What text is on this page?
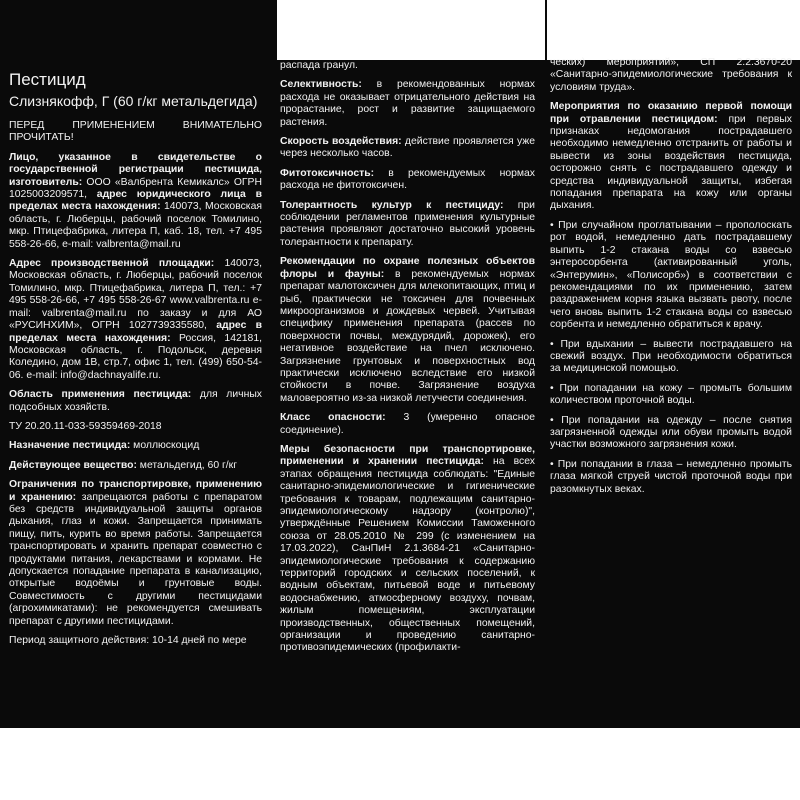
Пестицид
Слизнякофф, Г (60 г/кг метальдегида)

ПЕРЕД ПРИМЕНЕНИЕМ ВНИМАТЕЛЬНО ПРОЧИТАТЬ!

Лицо, указанное в свидетельстве о государственной регистрации пестицида, изготовитель: ООО «Валбрента Кемикалс» ОГРН 1025003209571, адрес юридического лица в пределах места нахождения: 140073, Московская область, г. Люберцы, рабочий поселок Томилино, мкр. Птицефабрика, литера П, каб. 18, тел. +7 495 558-26-66, e-mail: valbrenta@mail.ru

Адрес производственной площадки: 140073, Московская область, г. Люберцы, рабочий поселок Томилино, мкр. Птицефабрика, литера П, тел.: +7 495 558-26-66, +7 495 558-26-67 www.valbrenta.ru e-mail: valbrenta@mail.ru по заказу и для АО «РУСИНХИМ», ОГРН 1027739335580, адрес в пределах места нахождения: Россия, 142181, Московская область, г. Подольск, деревня Коледино, дом 1В, стр.7, офис 1, тел. (499) 650-54-06. e-mail: info@dachnayalife.ru.

Область применения пестицида: для личных подсобных хозяйств.

ТУ 20.20.11-033-59359469-2018

Назначение пестицида: моллюскоцид

Действующее вещество: метальдегид, 60 г/кг

Ограничения по транспортировке, применению и хранению: запрещаются работы с препаратом без средств индивидуальной защиты органов дыхания, глаз и кожи. Запрещается принимать пищу, пить, курить во время работы. Запрещается транспортировать и хранить препарат совместно с продуктами питания, лекарствами и кормами. Не допускается попадание препарата в канализацию, открытые водоёмы и грунтовые воды. Совместимость с другими пестицидами (агрохимикатами): не рекомендуется смешивать препарат с другими пестицидами.

Период защитного действия: 10-14 дней по мере

распада гранул.

Селективность: в рекомендованных нормах расхода не оказывает отрицательного действия на прорастание, рост и развитие защищаемого растения.

Скорость воздействия: действие проявляется уже через несколько часов.

Фитотоксичность: в рекомендуемых нормах расхода не фитотоксичен.

Толерантность культур к пестициду: при соблюдении регламентов применения культурные растения проявляют достаточно высокий уровень толерантности к препарату.

Рекомендации по охране полезных объектов флоры и фауны: в рекомендуемых нормах препарат малотоксичен для млекопитающих, птиц и рыб, практически не токсичен для почвенных микроорганизмов и дождевых червей. Учитывая специфику применения препарата (рассев по поверхности почвы, междурядий, дорожек), его негативное воздействие на пчел исключено. Загрязнение грунтовых и поверхностных вод практически исключено вследствие его низкой стойкости в почве. Загрязнение воздуха маловероятно из-за низкой летучести соединения.

Класс опасности: 3 (умеренно опасное соединение).

Меры безопасности при транспортировке, применении и хранении пестицида: на всех этапах обращения пестицида соблюдать: "Единые санитарно-эпидемиологические и гигиенические требования к товарам, подлежащим санитарно-эпидемиологическому надзору (контролю)", утверждённые Решением Комиссии Таможенного союза от 28.05.2010 № 299 (с изменением на 17.03.2022), СанПиН 2.1.3684-21 «Санитарно-эпидемиологические требования к содержанию территорий городских и сельских поселений, к водным объектам, питьевой воде и питьевому водоснабжению, атмосферному воздуху, почвам, жилым помещениям, эксплуатации производственных, общественных помещений, организации и проведению санитарно-противоэпидемических (профилакти-

ческих) мероприятий», СП 2.2.3670-20 «Санитарно-эпидемиологические требования к условиям труда».

Мероприятия по оказанию первой помощи при отравлении пестицидом: при первых признаках недомогания пострадавшего необходимо немедленно отстранить от работы и вывести из зоны воздействия пестицида, осторожно снять с пострадавшего одежду и средства индивидуальной защиты, избегая попадания препарата на кожу или органы дыхания.

• При случайном проглатывании – прополоскать рот водой, немедленно дать пострадавшему выпить 1-2 стакана воды со взвесью энтеросорбента (активированный уголь, «Энтерумин», «Полисорб») в соответствии с рекомендациями по их применению, затем раздражением корня языка вызвать рвоту, после чего вновь выпить 1-2 стакана воды со взвесью сорбента и немедленно обратиться к врачу.

• При вдыхании – вывести пострадавшего на свежий воздух. При необходимости обратиться за медицинской помощью.

• При попадании на кожу – промыть большим количеством проточной воды.

• При попадании на одежду – после снятия загрязненной одежды или обуви промыть водой участки возможного загрязнения кожи.

• При попадании в глаза – немедленно промыть глаза мягкой струей чистой проточной воды при разомкнутых веках.
